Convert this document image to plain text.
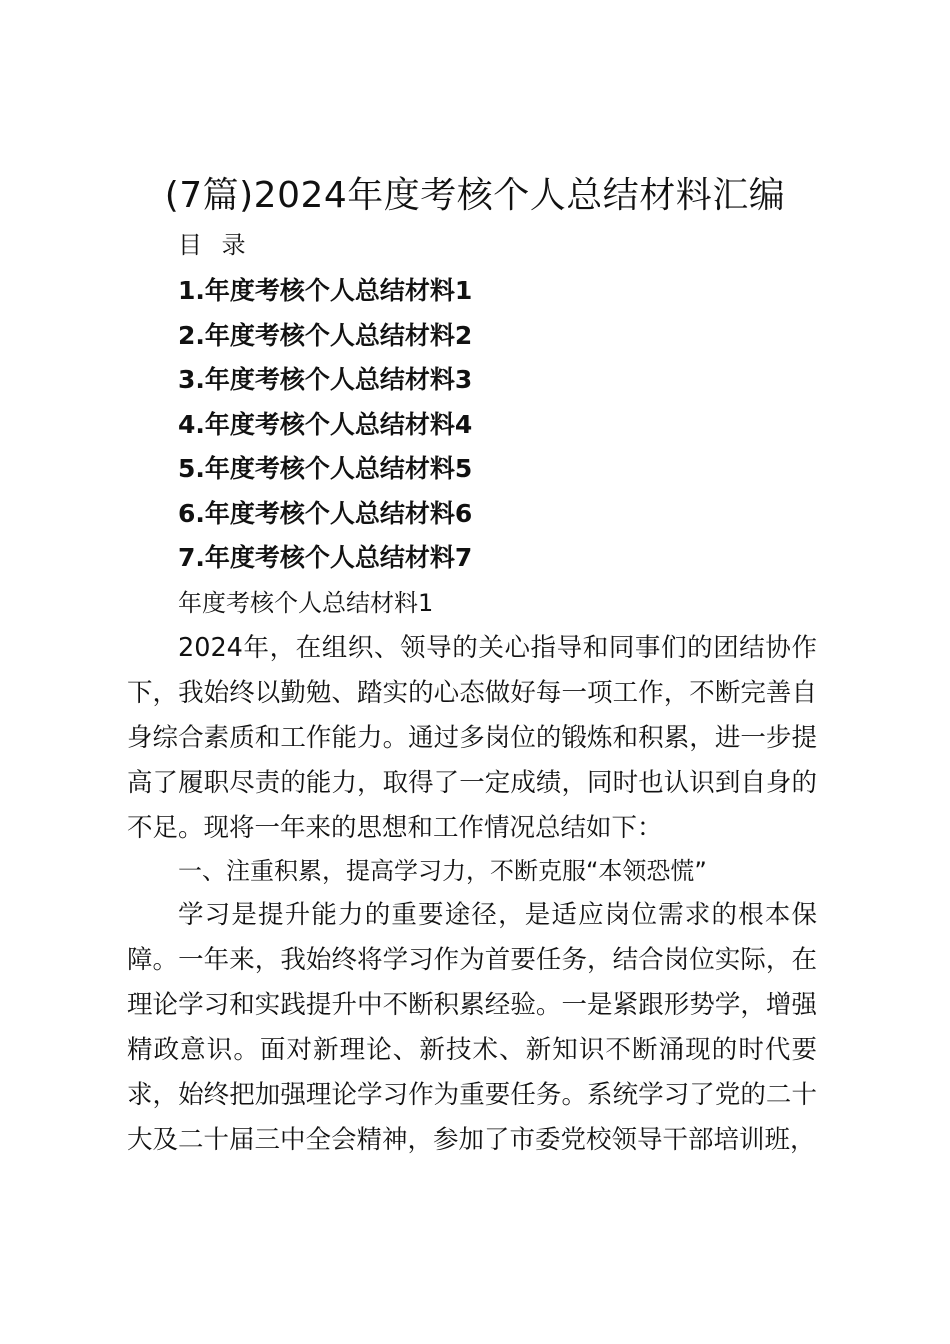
(7篇)2024年度考核个人总结材料汇编
目 录
1.年度考核个人总结材料1
2.年度考核个人总结材料2
3.年度考核个人总结材料3
4.年度考核个人总结材料4
5.年度考核个人总结材料5
6.年度考核个人总结材料6
7.年度考核个人总结材料7
年度考核个人总结材料1

2024年，在组织、领导的关心指导和同事们的团结协作下，我始终以勤勉、踏实的心态做好每一项工作，不断完善自身综合素质和工作能力。通过多岗位的锻炼和积累，进一步提高了履职尽责的能力，取得了一定成绩，同时也认识到自身的不足。现将一年来的思想和工作情况总结如下：

一、注重积累，提高学习力，不断克服“本领恐慌”

学习是提升能力的重要途径，是适应岗位需求的根本保障。一年来，我始终将学习作为首要任务，结合岗位实际，在理论学习和实践提升中不断积累经验。一是紧跟形势学，增强精政意识。面对新理论、新技术、新知识不断涌现的时代要求，始终把加强理论学习作为重要任务。系统学习了党的二十大及二十届三中全会精神，参加了市委党校领导干部培训班，
